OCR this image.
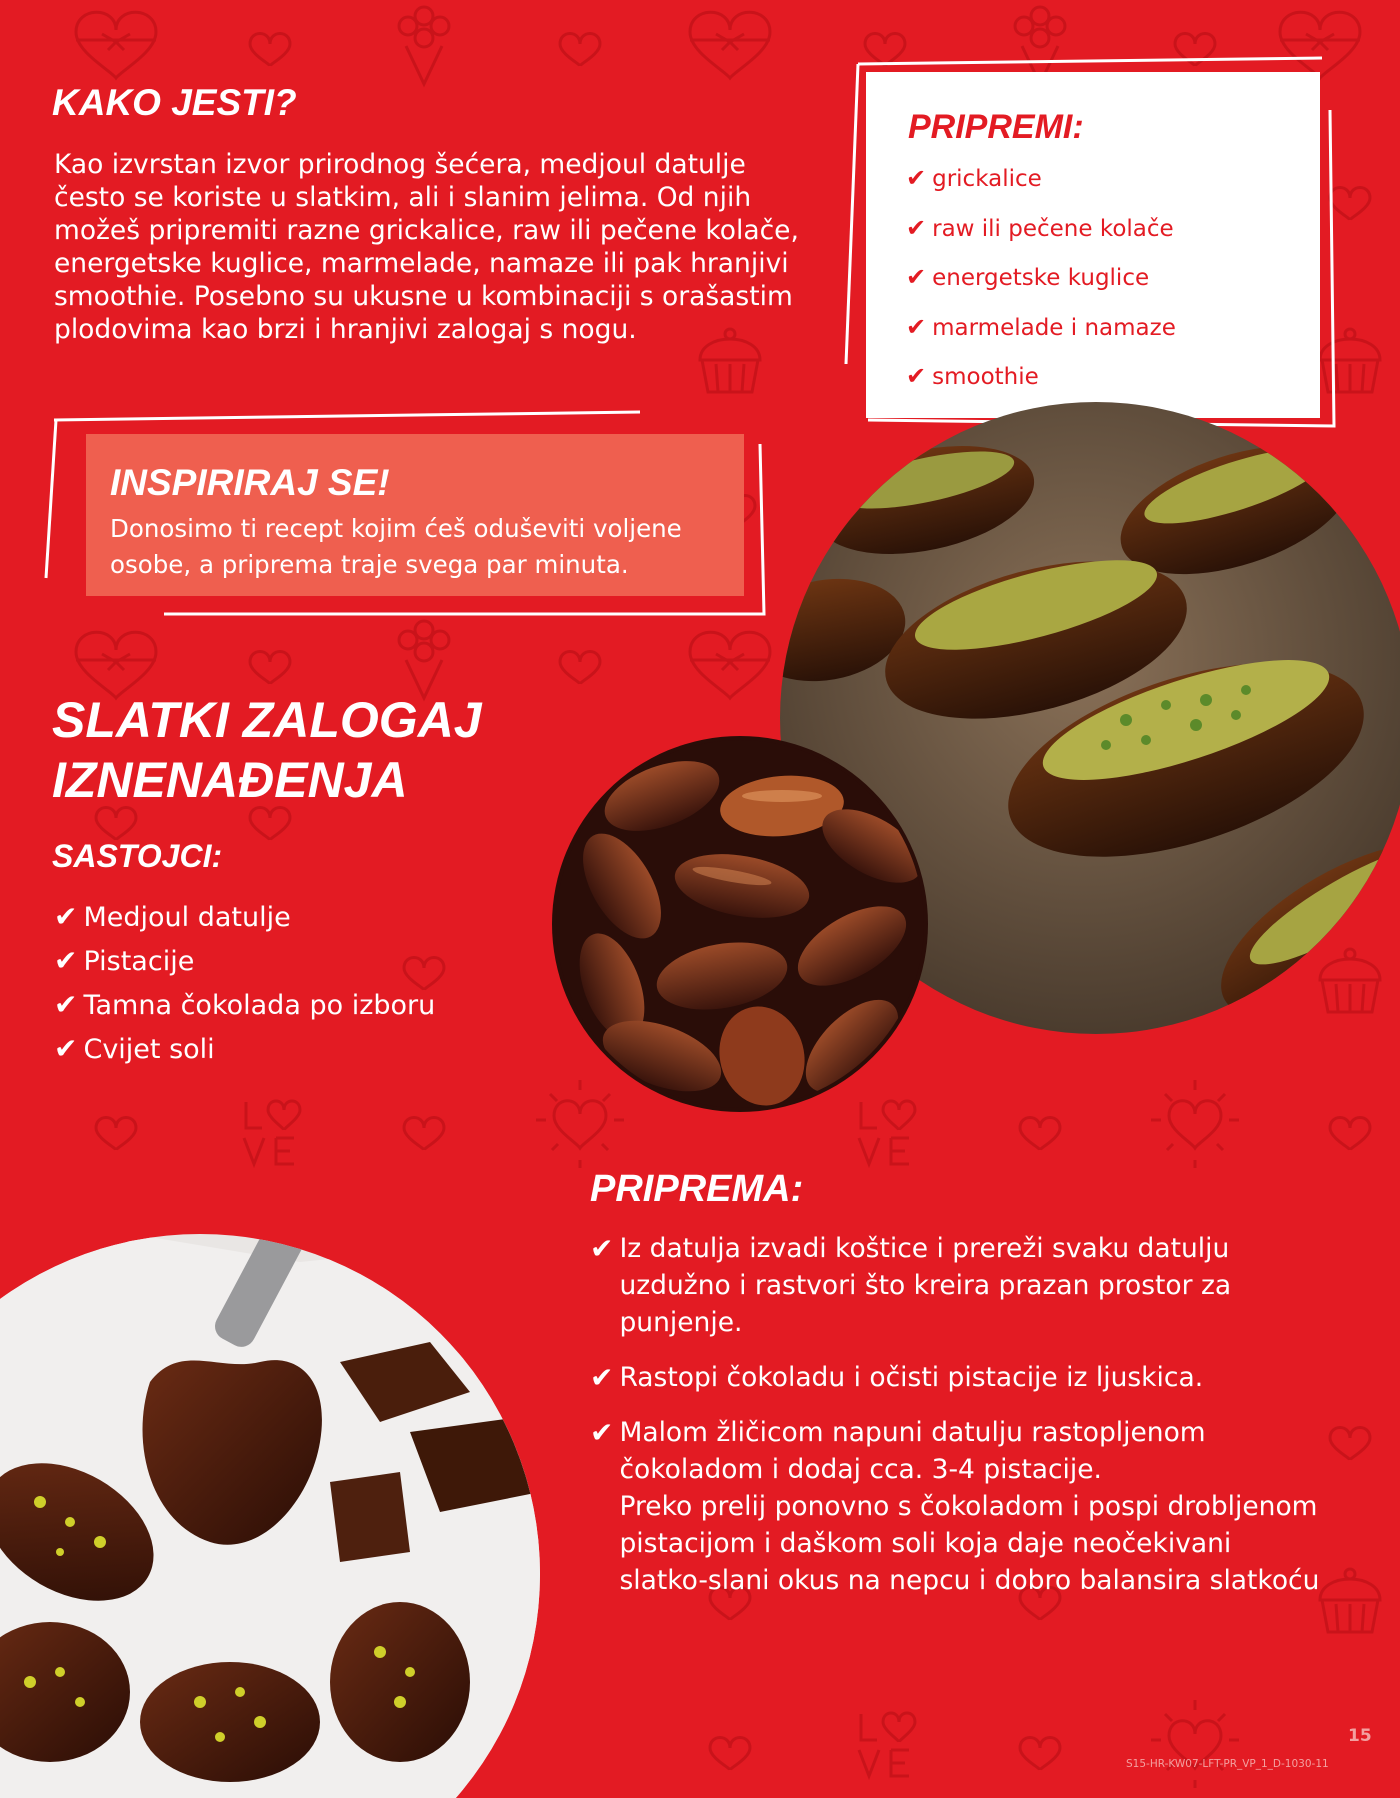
KAKO JESTI?

Kao izvrstan izvor prirodnog šećera, medjoul datulje često se koriste u slatkim, ali i slanim jelima. Od njih možeš pripremiti razne grickalice, raw ili pečene kolače, energetske kuglice, marmelade, namaze ili pak hranjivi smoothie. Posebno su ukusne u kombinaciji s orašastim plodovima kao brzi i hranjivi zalogaj s nogu.

PRIPREMI:
✔ grickalice
✔ raw ili pečene kolače
✔ energetske kuglice
✔ marmelade i namaze
✔ smoothie
INSPIRIRAJ SE!

Donosimo ti recept kojim ćeš oduševiti voljene osobe, a priprema traje svega par minuta.

SLATKI ZALOGAJ
IZNENAĐENJA
SASTOJCI:
✔ Medjoul datulje
✔ Pistacije
✔ Tamna čokolada po izboru
✔ Cvijet soli
PRIPREMA:
✔ Iz datulja izvadi koštice i prereži svaku datulju uzdužno i rastvori što kreira prazan prostor za punjenje.
✔ Rastopi čokoladu i očisti pistacije iz ljuskica.
✔ Malom žličicom napuni datulju rastopljenom čokoladom i dodaj cca. 3-4 pistacije.
Preko prelij ponovno s čokoladom i pospi drobljenom pistacijom i daškom soli koja daje neočekivani slatko-slani okus na nepcu i dobro balansira slatkoću
15
S15-HR-KW07-LFT-PR_VP_1_D-1030-11
